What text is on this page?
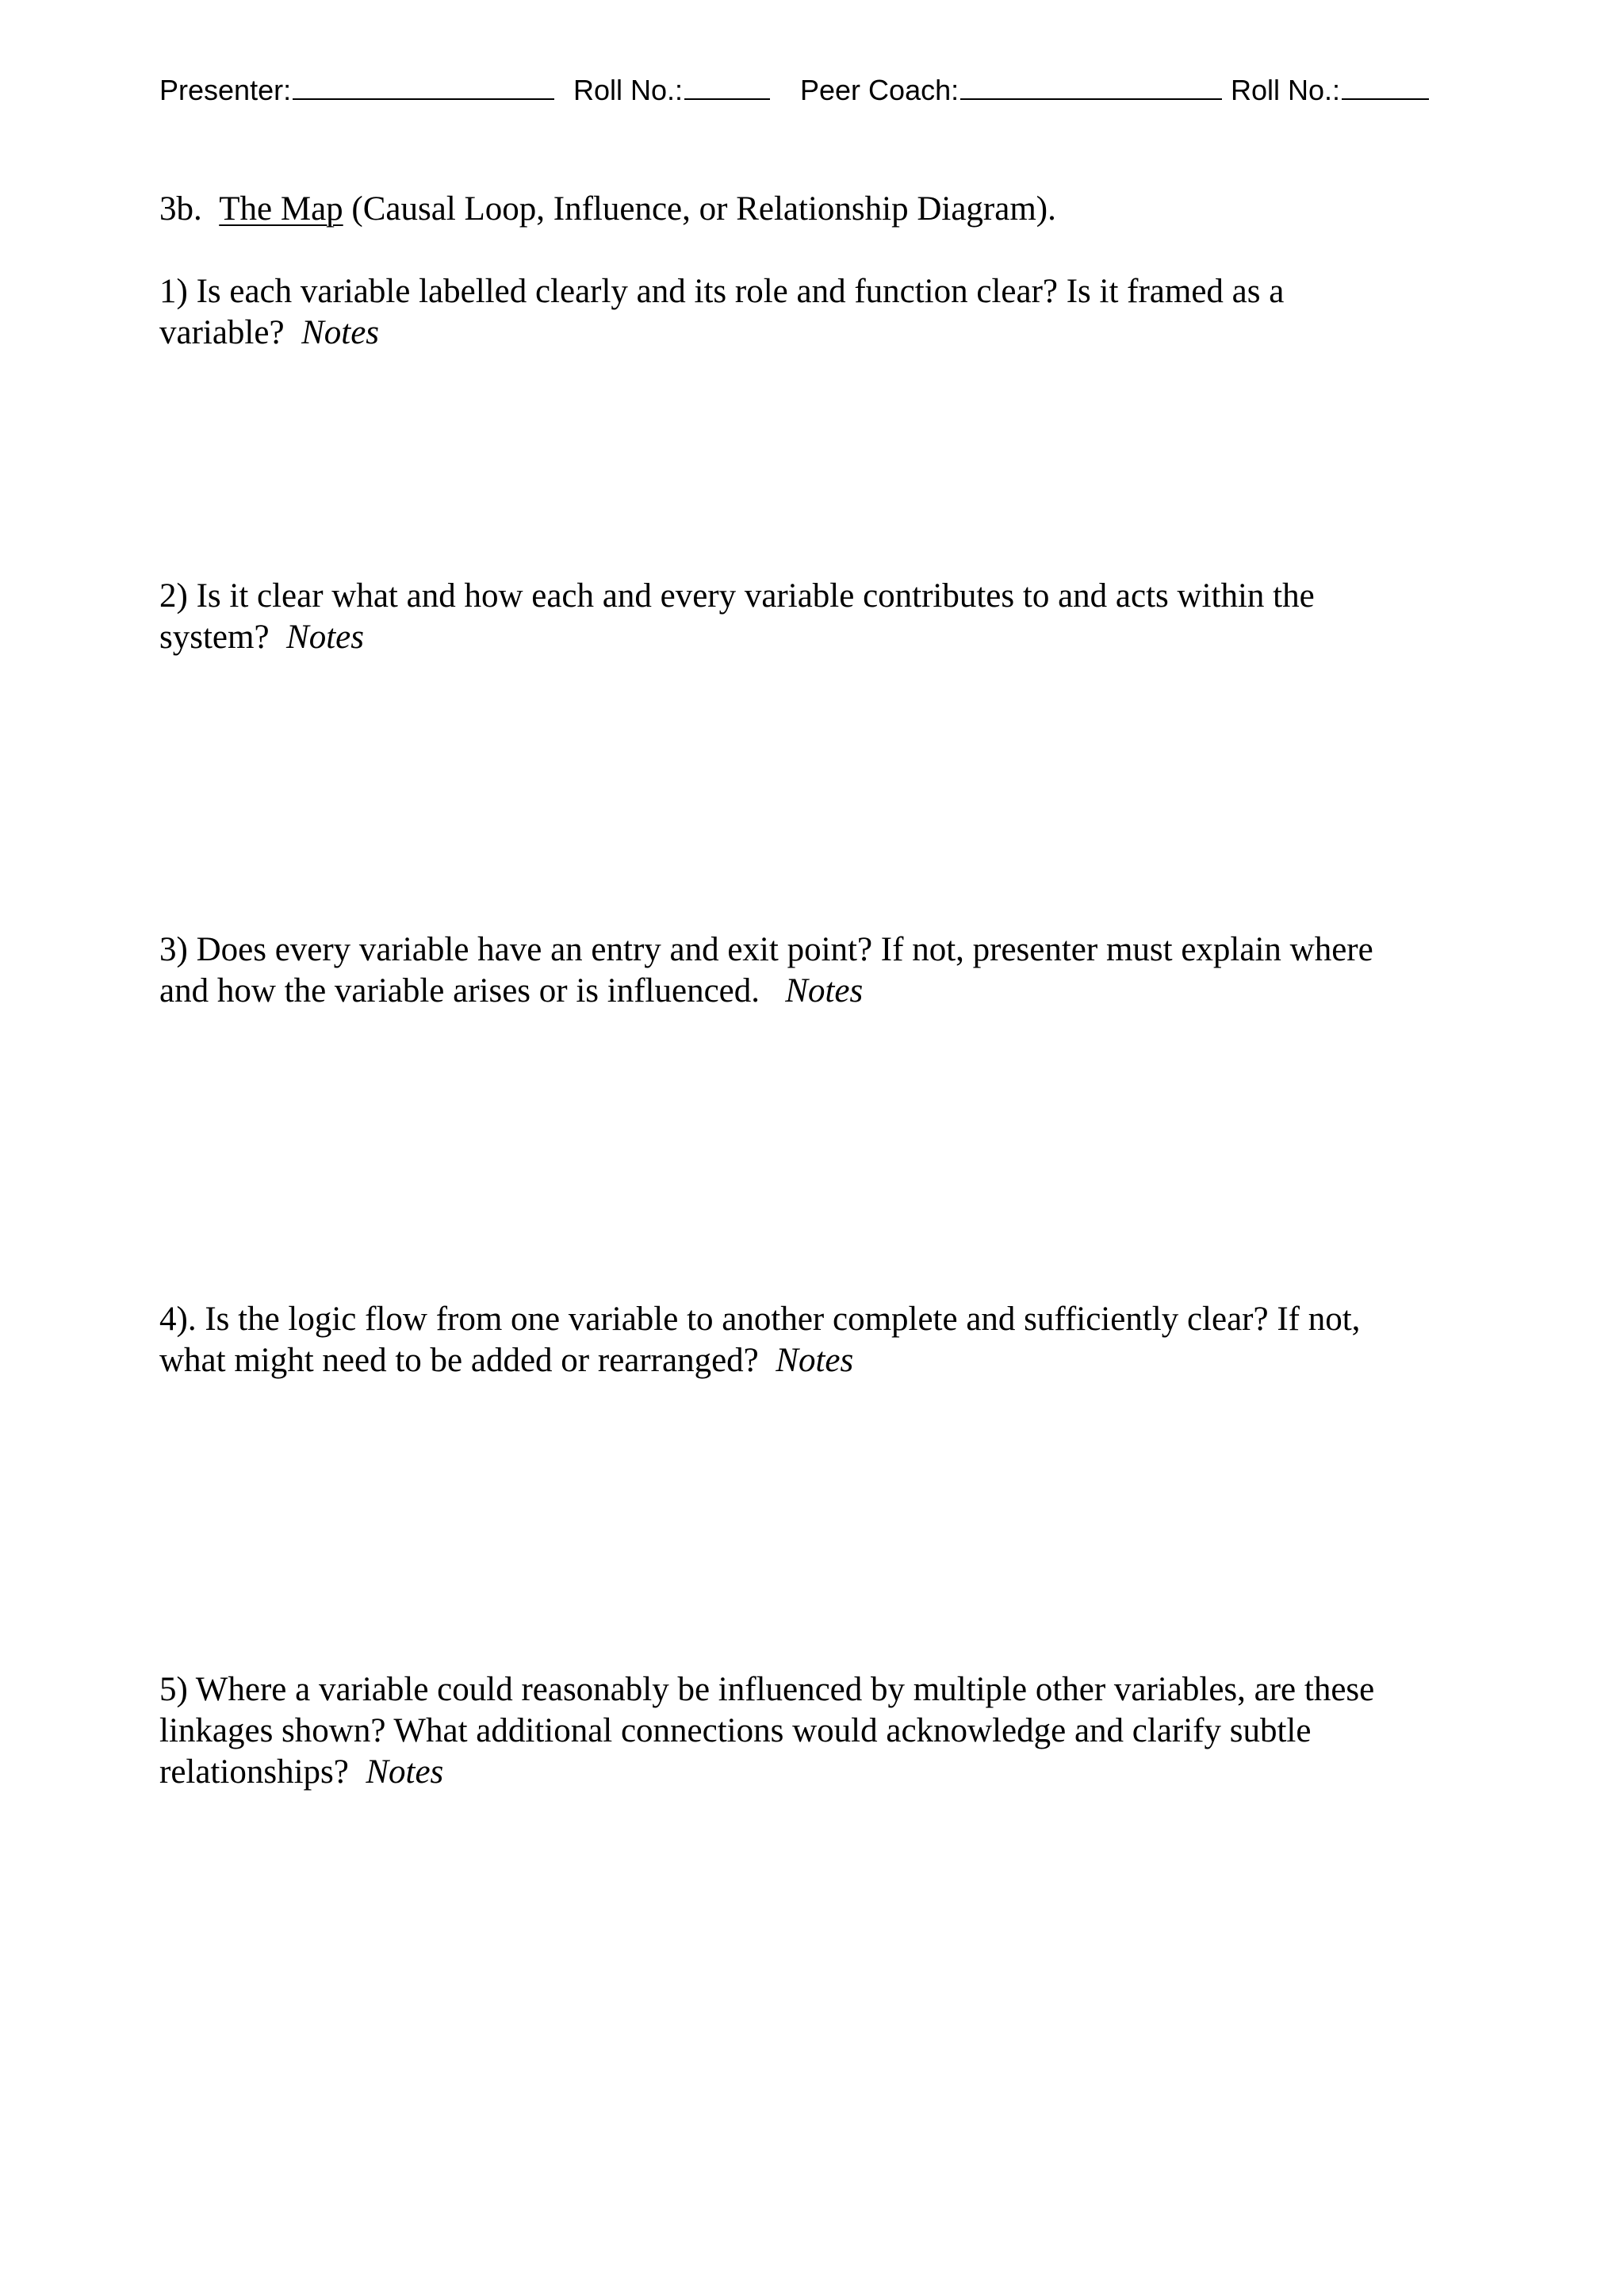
Presenter:	Roll No.:	Peer Coach:	Roll No.:
3b. The Map (Causal Loop, Influence, or Relationship Diagram).

1) Is each variable labelled clearly and its role and function clear? Is it framed as a variable? Notes

2) Is it clear what and how each and every variable contributes to and acts within the system? Notes

3) Does every variable have an entry and exit point? If not, presenter must explain where and how the variable arises or is influenced. Notes

4). Is the logic flow from one variable to another complete and sufficiently clear? If not, what might need to be added or rearranged? Notes

5) Where a variable could reasonably be influenced by multiple other variables, are these linkages shown? What additional connections would acknowledge and clarify subtle relationships? Notes
